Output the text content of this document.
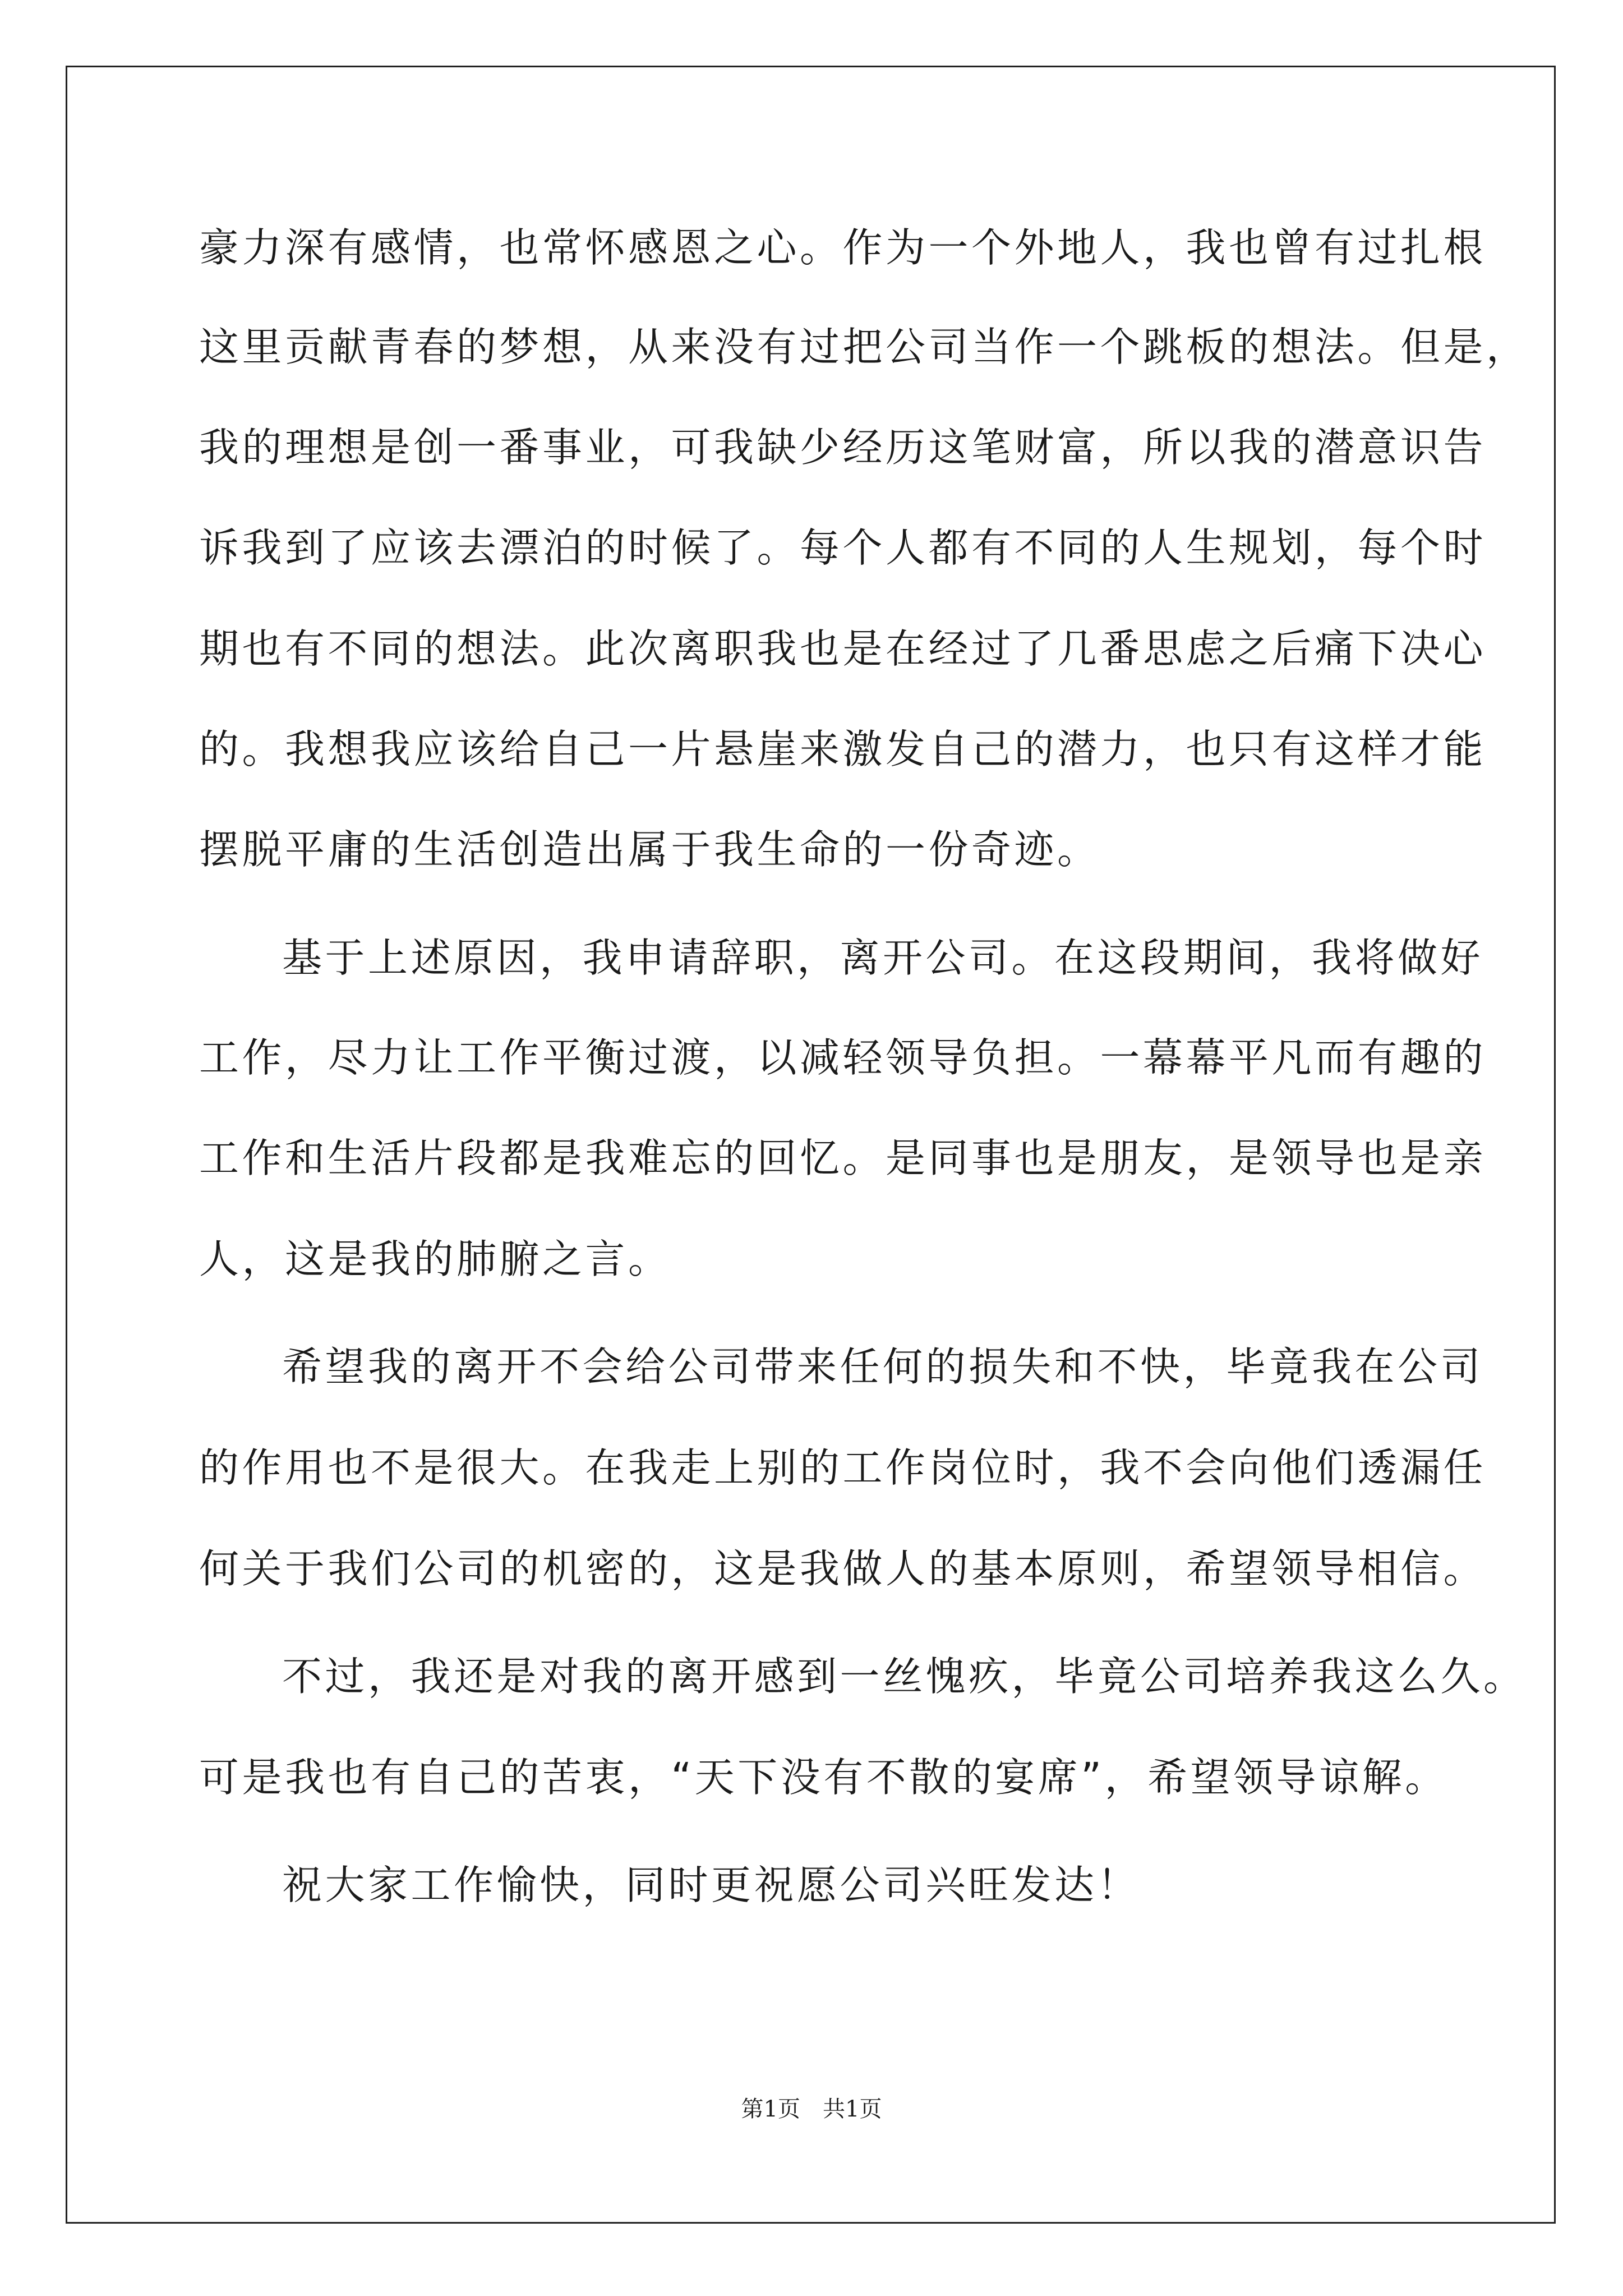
豪力深有感情，也常怀感恩之心。作为一个外地人，我也曾有过扎根
这里贡献青春的梦想，从来没有过把公司当作一个跳板的想法。但是，
我的理想是创一番事业，可我缺少经历这笔财富，所以我的潜意识告
诉我到了应该去漂泊的时候了。每个人都有不同的人生规划，每个时
期也有不同的想法。此次离职我也是在经过了几番思虑之后痛下决心
的。我想我应该给自己一片悬崖来激发自己的潜力，也只有这样才能
摆脱平庸的生活创造出属于我生命的一份奇迹。
基于上述原因，我申请辞职，离开公司。在这段期间，我将做好
工作，尽力让工作平衡过渡，以减轻领导负担。一幕幕平凡而有趣的
工作和生活片段都是我难忘的回忆。是同事也是朋友，是领导也是亲
人，这是我的肺腑之言。
希望我的离开不会给公司带来任何的损失和不快，毕竟我在公司
的作用也不是很大。在我走上别的工作岗位时，我不会向他们透漏任
何关于我们公司的机密的，这是我做人的基本原则，希望领导相信。
不过，我还是对我的离开感到一丝愧疚，毕竟公司培养我这么久。
可是我也有自己的苦衷，“天下没有不散的宴席”，希望领导谅解。
祝大家工作愉快，同时更祝愿公司兴旺发达！
第1页 共1页
